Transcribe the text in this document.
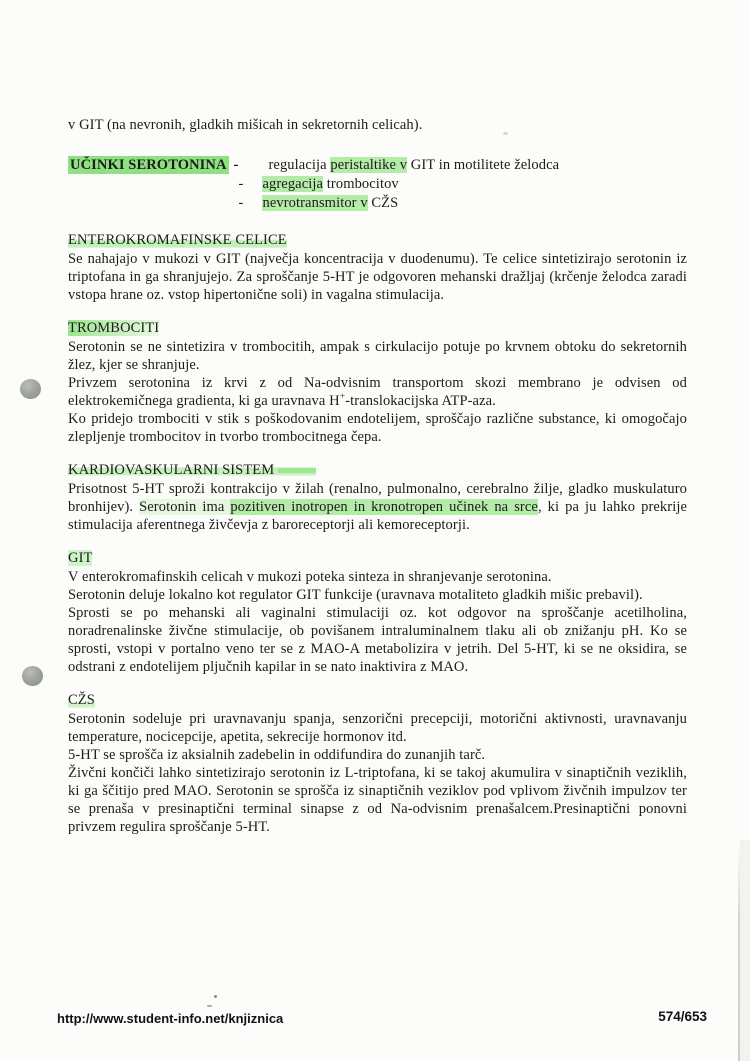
v GIT (na nevronih, gladkih mišicah in sekretornih celicah).

UČINKI SEROTONINA -	regulacija peristaltike v GIT in motilitete želodca
-	agregacija trombocitov
-	nevrotransmitor v CŽS
ENTEROKROMAFINSKE CELICE

Se nahajajo v mukozi v GIT (največja koncentracija v duodenumu). Te celice sintetizirajo serotonin iz triptofana in ga shranjujejo. Za sproščanje 5-HT je odgovoren mehanski dražljaj (krčenje želodca zaradi vstopa hrane oz. vstop hipertonične soli) in vagalna stimulacija.

TROMBOCITI

Serotonin se ne sintetizira v trombocitih, ampak s cirkulacijo potuje po krvnem obtoku do sekretornih žlez, kjer se shranjuje.

Privzem serotonina iz krvi z od Na-odvisnim transportom skozi membrano je odvisen od elektrokemičnega gradienta, ki ga uravnava H+-translokacijska ATP-aza.

Ko pridejo trombociti v stik s poškodovanim endotelijem, sproščajo različne substance, ki omogočajo zlepljenje trombocitov in tvorbo trombocitnega čepa.

KARDIOVASKULARNI SISTEM

Prisotnost 5-HT sproži kontrakcijo v žilah (renalno, pulmonalno, cerebralno žilje, gladko muskulaturo bronhijev). Serotonin ima pozitiven inotropen in kronotropen učinek na srce, ki pa ju lahko prekrije stimulacija aferentnega živčevja z baroreceptorji ali kemoreceptorji.

GIT

V enterokromafinskih celicah v mukozi poteka sinteza in shranjevanje serotonina.

Serotonin deluje lokalno kot regulator GIT funkcije (uravnava motaliteto gladkih mišic prebavil).

Sprosti se po mehanski ali vaginalni stimulaciji oz. kot odgovor na sproščanje acetilholina, noradrenalinske živčne stimulacije, ob povišanem intraluminalnem tlaku ali ob znižanju pH. Ko se sprosti, vstopi v portalno veno ter se z MAO-A metabolizira v jetrih. Del 5-HT, ki se ne oksidira, se odstrani z endotelijem pljučnih kapilar in se nato inaktivira z MAO.

CŽS

Serotonin sodeluje pri uravnavanju spanja, senzorični precepciji, motorični aktivnosti, uravnavanju temperature, nocicepcije, apetita, sekrecije hormonov itd.

5-HT se sprošča iz aksialnih zadebelin in oddifundira do zunanjih tarč.

Živčni končiči lahko sintetizirajo serotonin iz L-triptofana, ki se takoj akumulira v sinaptičnih veziklih, ki ga ščitijo pred MAO. Serotonin se sprošča iz sinaptičnih veziklov pod vplivom živčnih impulzov ter se prenaša v presinaptični terminal sinapse z od Na-odvisnim prenašalcem.Presinaptični ponovni privzem regulira sproščanje 5-HT.

http://www.student-info.net/knjiznica	574/653
